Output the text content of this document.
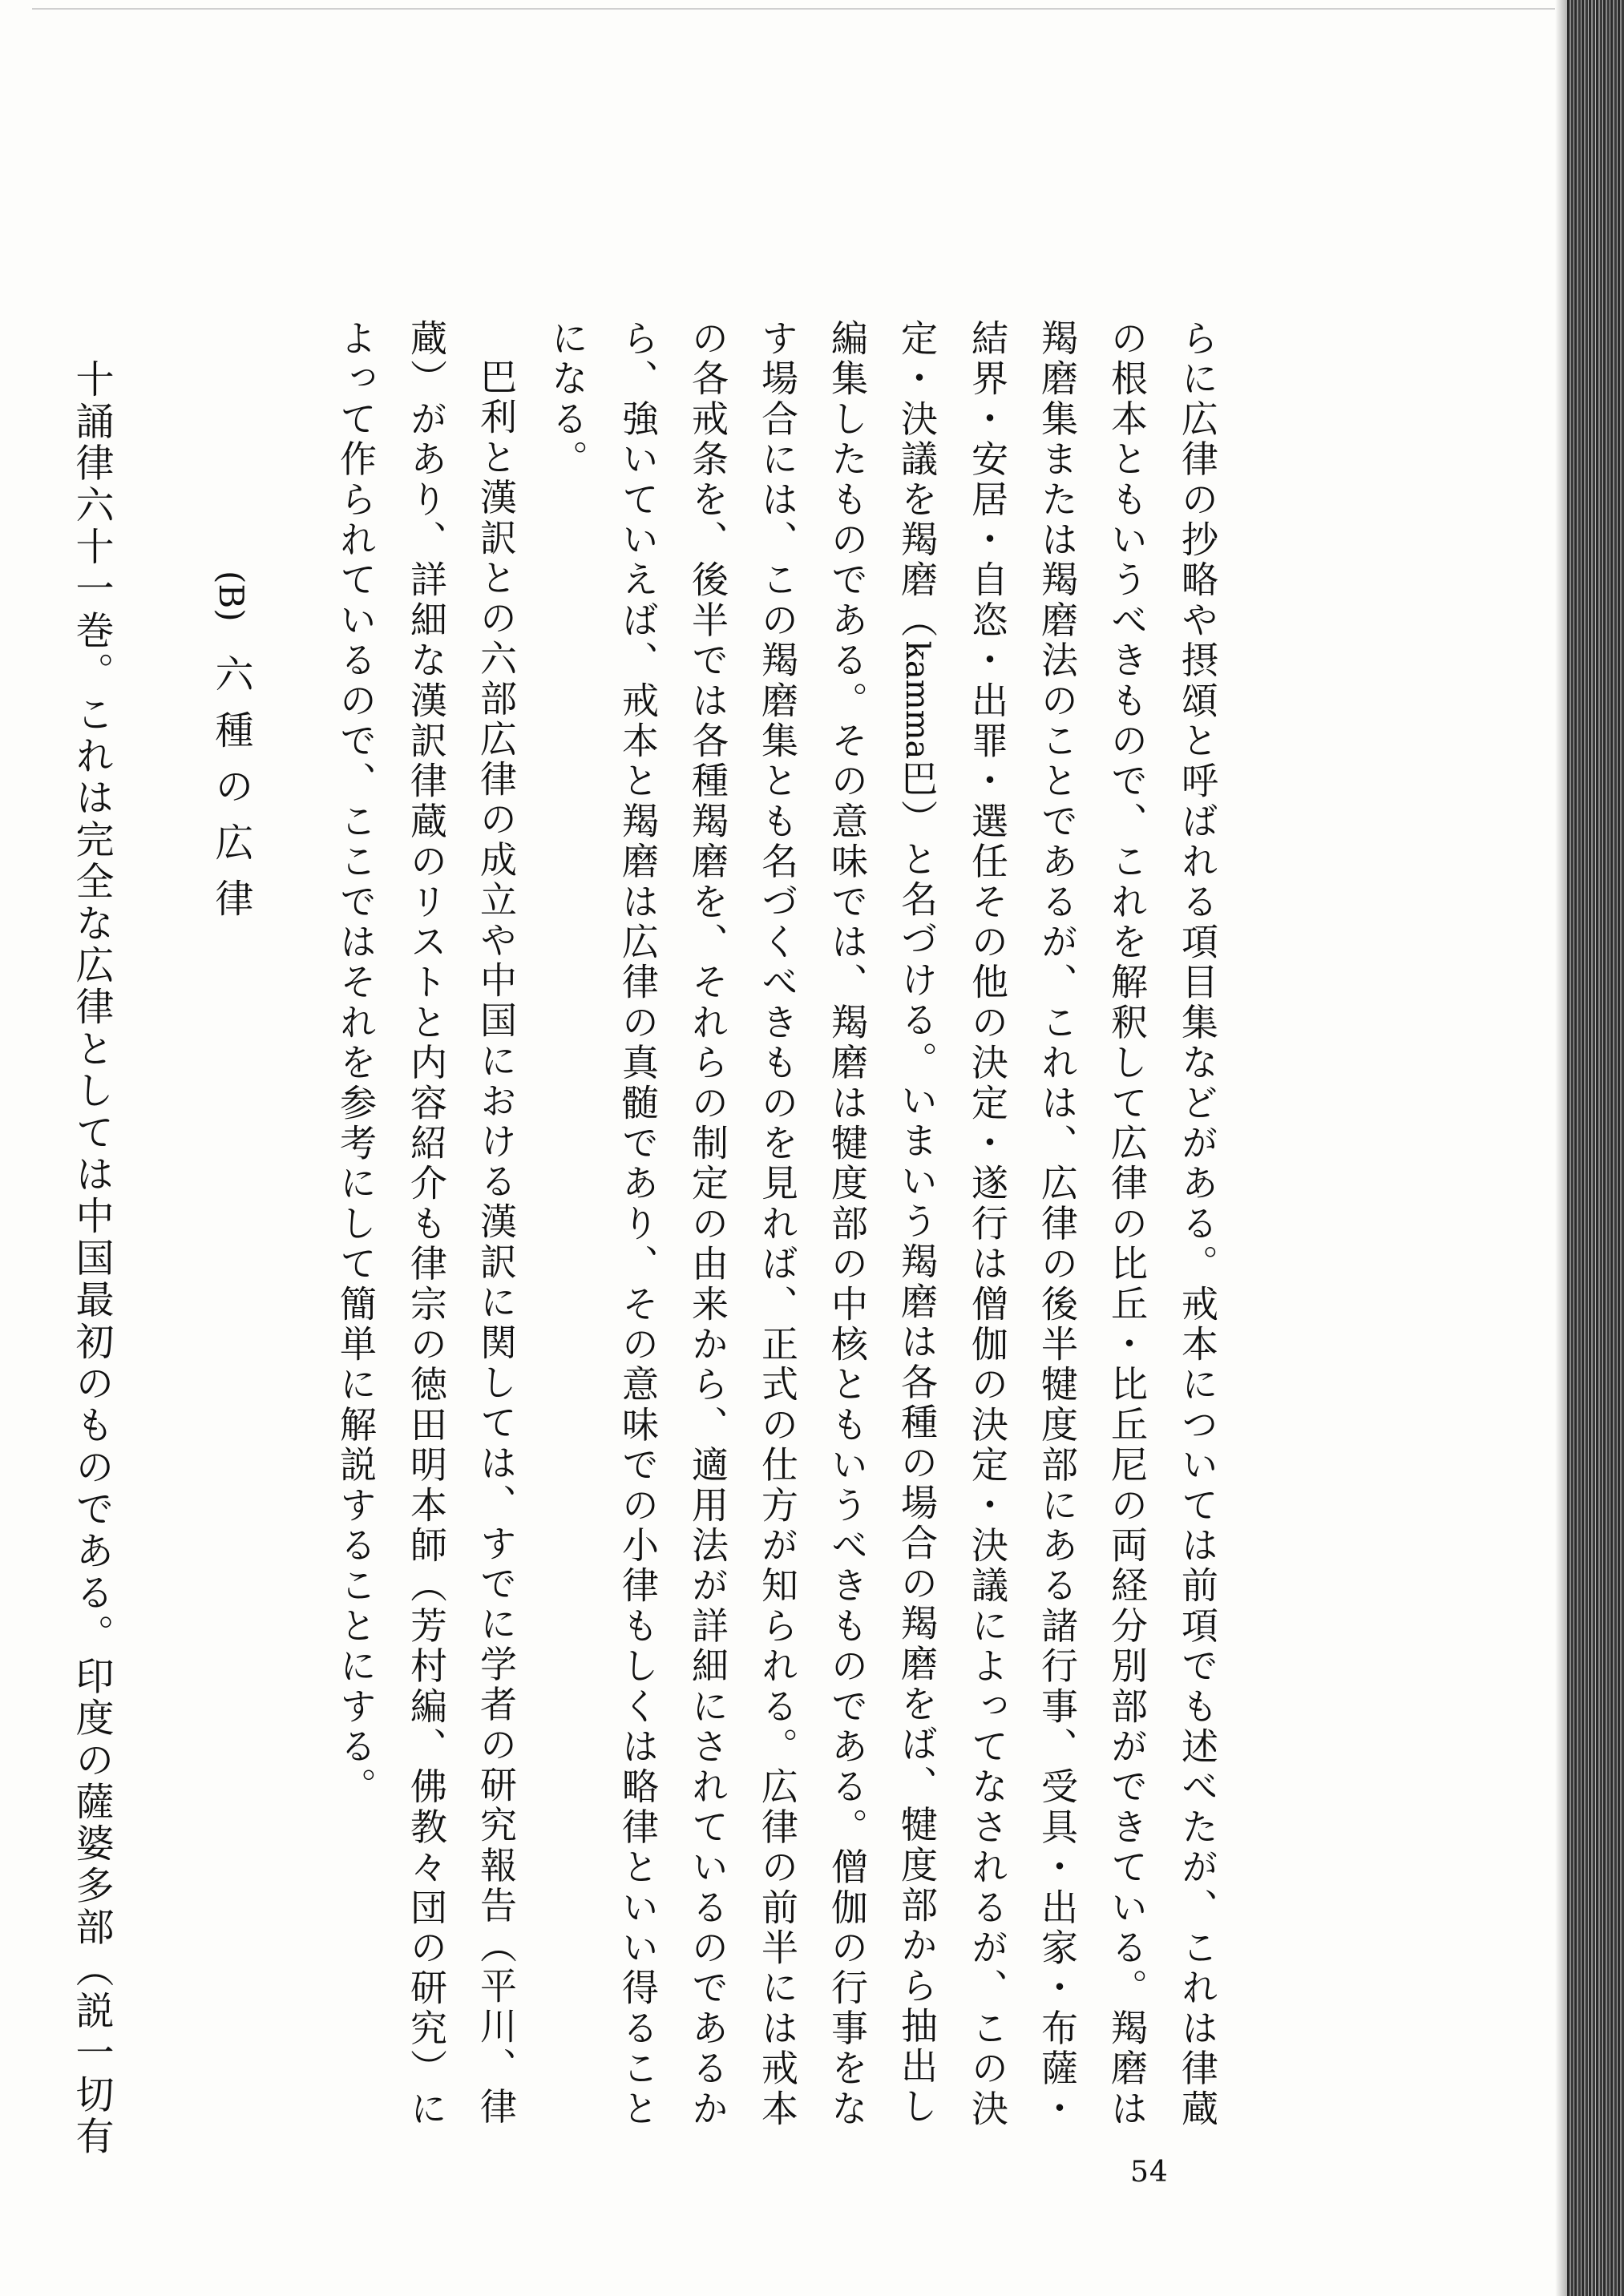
らに広律の抄略や摂頌と呼ばれる項目集などがある。戒本については前項でも述べたが、これは律蔵
の根本ともいうべきもので、これを解釈して広律の比丘・比丘尼の両経分別部ができている。羯磨は
羯磨集または羯磨法のことであるが、これは、広律の後半犍度部にある諸行事、受具・出家・布薩・
結界・安居・自恣・出罪・選任その他の決定・遂行は僧伽の決定・決議によってなされるが、この決
定・決議を羯磨（kamma巴）と名づける。いまいう羯磨は各種の場合の羯磨をば、犍度部から抽出し
編集したものである。その意味では、羯磨は犍度部の中核ともいうべきものである。僧伽の行事をな
す場合には、この羯磨集とも名づくべきものを見れば、正式の仕方が知られる。広律の前半には戒本
の各戒条を、後半では各種羯磨を、それらの制定の由来から、適用法が詳細にされているのであるか
ら、強いていえば、戒本と羯磨は広律の真髄であり、その意味での小律もしくは略律といい得ること
になる。
(B)六種の広律	巴利と漢訳との六部広律の成立や中国における漢訳に関しては、すでに学者の研究報告（平川、律
蔵）があり、詳細な漢訳律蔵のリストと内容紹介も律宗の徳田明本師（芳村編、佛教々団の研究）に
よって作られているので、ここではそれを参考にして簡単に解説することにする。
十誦律六十一巻。これは完全な広律としては中国最初のものである。印度の薩婆多部（説一切有
54
